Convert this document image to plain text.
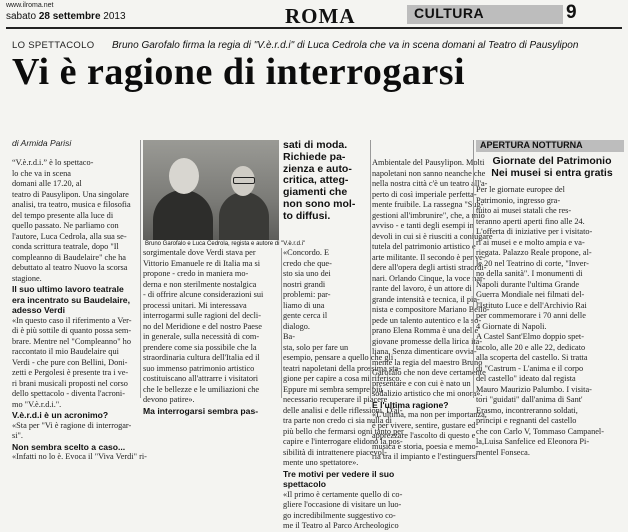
www.ilroma.net
sabato 28 settembre 2013	ROMA	CULTURA	9
LO SPETTACOLO Bruno Garofalo firma la regia di "V.è.r.d.i" di Luca Cedrola che va in scena domani al Teatro di Pausylipon
Vi è ragione di interrogarsi
di Armida Parisi
“V.è.r.d.i.” è lo spettaco-
lo che va in scena
domani alle 17.20, al
teatro di Pausylipon. Una singolare
analisi, tra teatro, musica e filosofia
del tempo presente alla luce di
quello passato. Ne parliamo con
l'autore, Luca Cedrola, alla sua se-
conda scrittura teatrale, dopo "Il
compleanno di Baudelaire" che ha
debuttato al teatro Nuovo la scorsa
stagione.
Il suo ultimo lavoro teatrale
era incentrato su Baudelaire,
adesso Verdi
«In questo caso il riferimento a Ver-
di è più sottile di quanto possa sem-
brare. Mentre nel "Compleanno" ho
raccontato il mio Baudelaire qui
Verdi - che pure con Bellini, Doni-
zetti e Pergolesi è presente tra i ve-
ri brani musicali proposti nel corso
dello spettacolo - diventa l'acroni-
mo "V.è.r.d.i.".
V.è.r.d.i è un acronimo?
«Sta per "Vi è ragione di interrogar-
si".
Non sembra scelto a caso...
«Infatti no lo è. Evoca il "Viva Verdi" ri-
Bruno Garofalo e Luca Cedrola, regista e autore di "V.è.r.d.i"
sorgimentale dove Verdi stava per
Vittorio Emanuele re di Italia ma si
propone - credo in maniera mo-
derna e non sterilmente nostalgica
- di offrire alcune considerazioni sui
processi unitari. Mi interessava
interrogarmi sulle ragioni del decli-
no del Meridione e del nostro Paese
in generale, sulla necessità di com-
prendere come sia possibile che la
straordinaria cultura dell'Italia ed il
suo immenso patrimonio artistico
costituiscano all'attrarre i visitatori
che le bellezze e le umiliazioni che
devono patire».
Ma interrogarsi sembra pas-
sati di moda.
Richiede pa-
zienza e auto-
critica, atteg-
giamenti che
non sono mol-
to diffusi.
«Concordo. E
credo che que-
sto sia uno dei
nostri grandi
problemi: par-
liamo di una
gente cerca il
dialogo.
Ba-
sta, solo per fare un
esempio, pensare a quello che gli
teatri napoletani della prossima sta-
gione per capire a cosa mi riferisco.
Eppure mi sembra sempre più
necessario recuperare il piacere
delle analisi e delle riflessioni. D'al-
tra parte non credo ci sia nulla di
più bello che fermarsi ogni tanto per
capire e l'interrogare elidono la pos-
sibilità di intrattenere piacevol-
mente uno spettatore».
Tre motivi per vedere il suo
spettacolo
«Il primo è certamente quello di co-
gliere l'occasione di visitare un luo-
go incredibilmente suggestivo co-
me il Teatro al Parco Archeologico
Ambientale del Pausylipon. Molti
napoletani non sanno neanche che
nella nostra città c'è un teatro all'a-
perto di così imperiale perfetta-
mente fruibile. La rassegna "Sug-
gestioni all'imbrunire", che, a mio
avviso - e tanti degli esempi in
devoli in cui si è riusciti a coniugare
tutela del patrimonio artistico e
arte militante. Il secondo è per ve-
dere all'opera degli artisti straordi-
nari. Orlando Cinque, la voce nar-
rante del lavoro, è un attore di
grande intensità e tecnica, il pia-
nista e compositore Mariano Bello-
pede un talento autentico e la so-
prano Elena Romma è una delle
giovane promesse della lirica ita-
liana. Senza dimenticare ovvia-
mente la regia del maestro Bruno
Garofalo che non deve certamente
presentare e con cui è nato un
sodalizio artistico che mi onora».
E l'ultima ragione?
«L'ultima, ma non per importanza,
è per vivere, sentire, gustare ed
apprezzare l'ascolto di questo e
musica e storia, poesia e memo-
ria tra il impianto e l'estinguersi
APERTURA NOTTURNA
Giornate del Patrimonio
Nei musei si entra gratis
Per le giornate europee del
Patrimonio, ingresso gra-
tuito ai musei statali che res-
teranno aperti aperti fino alle 24.
L'offerta di iniziative per i visitato-
ri ai musei e e molto ampia e va-
riegata. Palazzo Reale propone, al-
le 20 nel Teatrino di corte, "Inver-
no della sanità". I monumenti di
Napoli durante l'ultima Grande
Guerra Mondiale nei filmati del-
l'Istituto Luce e dell'Archivio Rai
per commemorare i 70 anni delle
4 Giornate di Napoli.
A Castel Sant'Elmo doppio spet-
tacolo, alle 20 e alle 22, dedicato
alla scoperta del castello. Si tratta
di "Castrum - L'anima e il corpo
del castello" ideato dal regista
Mauro Maurizio Palumbo. I visita-
tori "guidati" dall'anima di Sant'
Erasmo, incontreranno soldati,
principi e regnanti del castello
che con Carlo V, Tommaso Campanel-
la,Luisa Sanfelice ed Eleonora Pi-
mentel Fonseca.
